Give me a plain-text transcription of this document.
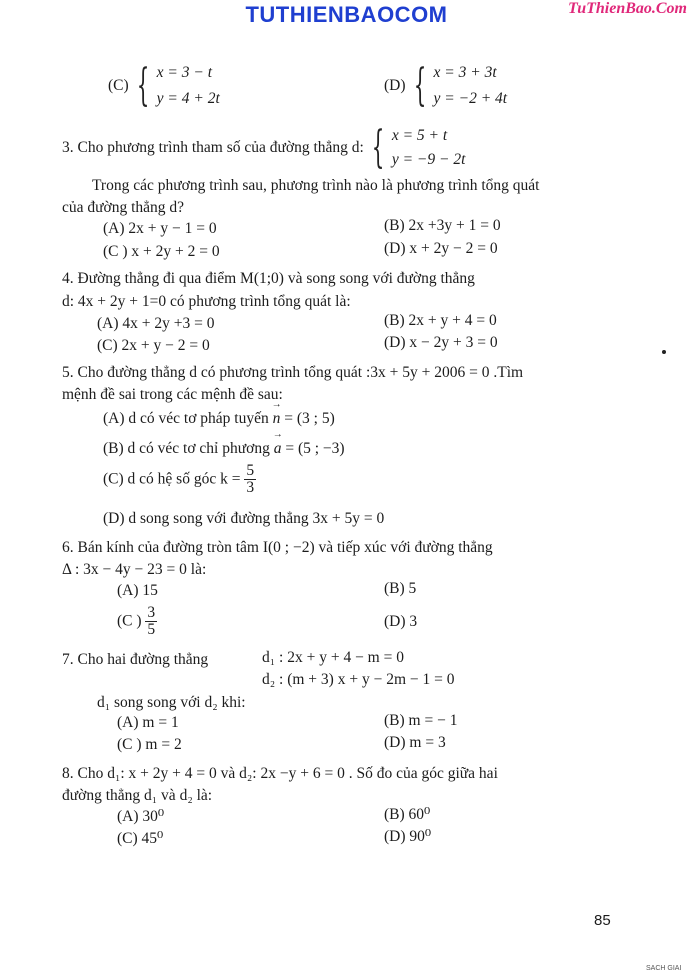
TUTHIENBAOCOM	TuThienBao.Com
(C) { x = 3 − t
y = 4 + 2t
(D) { x = 3 + 3t
y = −2 + 4t
3. Cho phương trình tham số của đường thẳng d: { x = 5 + t
y = −9 − 2t
Trong các phương trình sau, phương trình nào là phương trình tổng quát
của đường thẳng d?
(A) 2x + y − 1 = 0	(B) 2x +3y + 1 = 0
(C ) x + 2y + 2 = 0	(D) x + 2y − 2 = 0
4. Đường thẳng đi qua điểm M(1;0) và song song với đường thẳng
d: 4x + 2y + 1=0 có phương trình tổng quát là:
(A) 4x + 2y +3 = 0	(B) 2x + y + 4 = 0
(C) 2x + y − 2 = 0	(D) x − 2y + 3 = 0
5. Cho đường thẳng d có phương trình tổng quát :3x + 5y + 2006 = 0 .Tìm
mệnh đề sai trong các mệnh đề sau:
(A) d có véc tơ pháp tuyến → n = (3 ; 5)
(B) d có véc tơ chỉ phương → a = (5 ; −3)
(C) d có hệ số góc $k = \frac{5}{3}$
(D) d song song với đường thẳng 3x + 5y = 0
6. Bán kính của đường tròn tâm I(0 ; −2) và tiếp xúc với đường thẳng
Δ : 3x − 4y − 23 = 0 là:
(A) 15	(B) 5
(C ) $\frac{3}{5}$	(D) 3
7. Cho hai đường thẳng	d₁ : 2x + y + 4 − m = 0
d₂ : (m + 3) x + y − 2m − 1 = 0
d₁ song song với d₂ khi:
(A) m = 1	(B) m = − 1
(C ) m = 2	(D) m = 3
8. Cho d₁: x + 2y + 4 = 0 và d₂: 2x −y + 6 = 0 . Số đo của góc giữa hai
đường thẳng d₁ và d₂ là:
(A) 30⁰	(B) 60⁰
(C) 45⁰	(D) 90⁰
85
SACH GIAI
